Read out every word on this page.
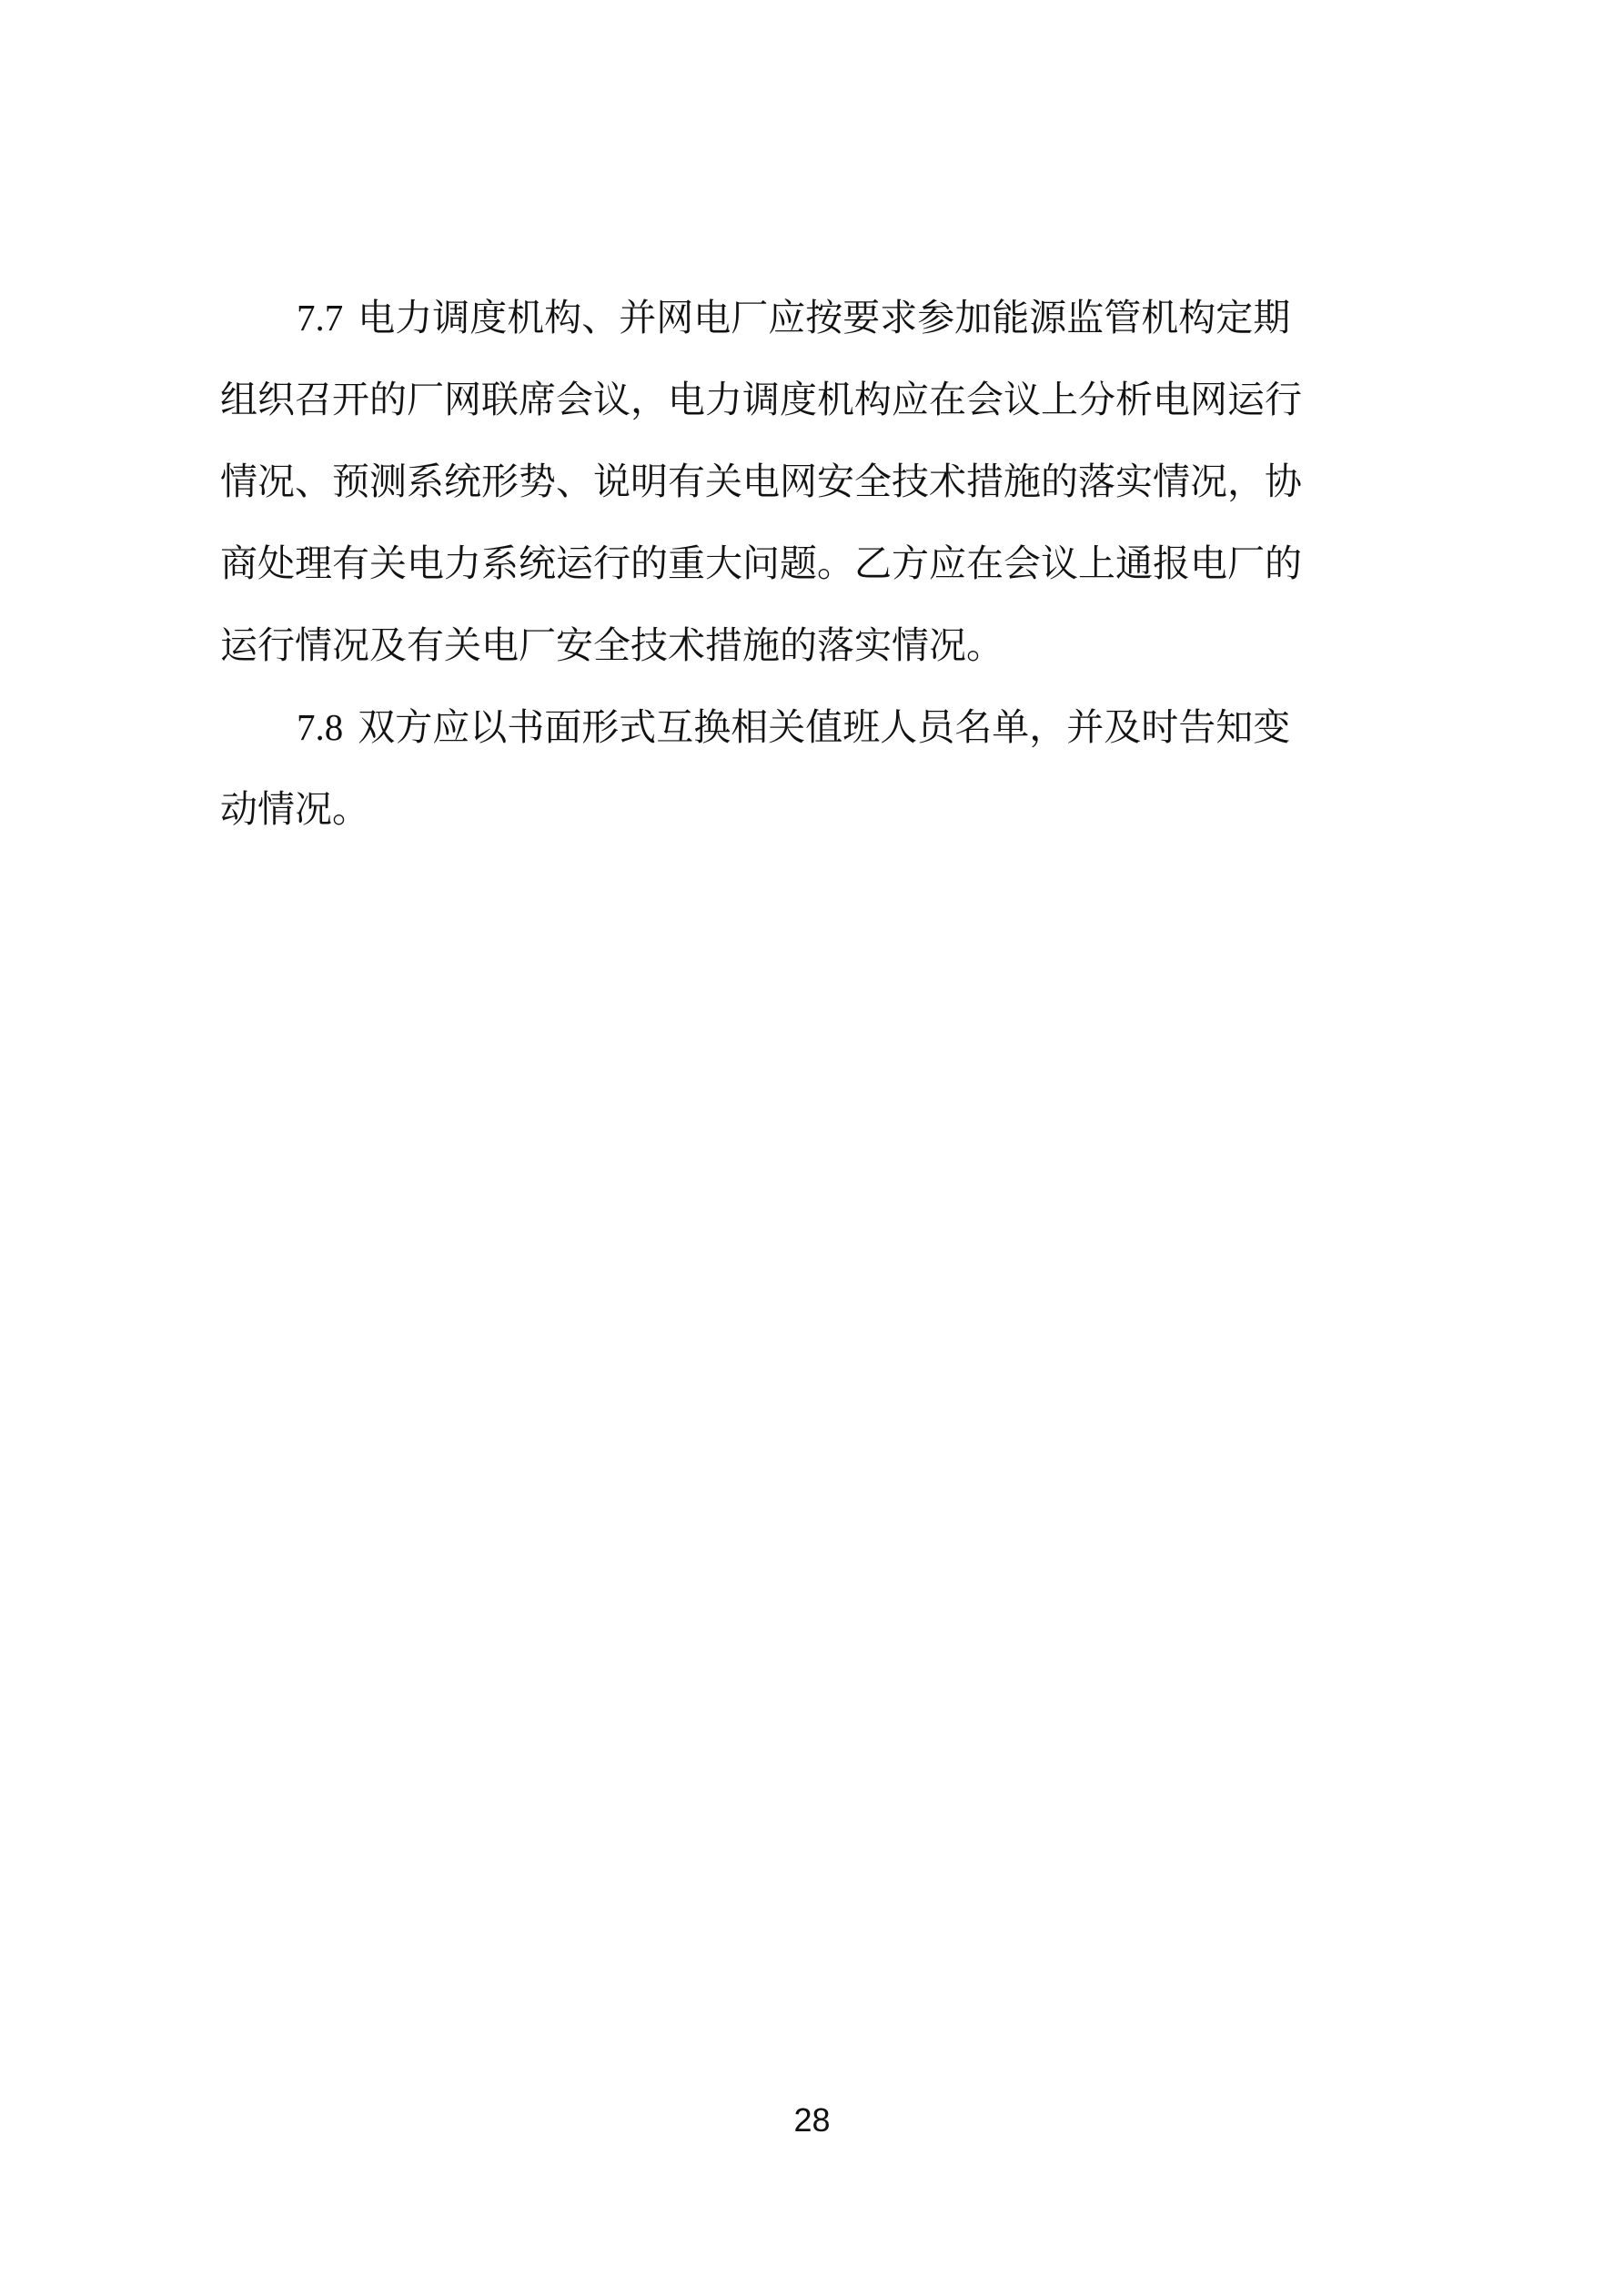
7.7 电力调度机构、并网电厂应按要求参加能源监管机构定期
组织召开的厂网联席会议，电力调度机构应在会议上分析电网运行
情况、预测系统形势、说明有关电网安全技术措施的落实情况，协
商处理有关电力系统运行的重大问题。乙方应在会议上通报电厂的
运行情况及有关电厂安全技术措施的落实情况。
7.8 双方应以书面形式互换相关值班人员名单，并及时告知变
动情况。
28
